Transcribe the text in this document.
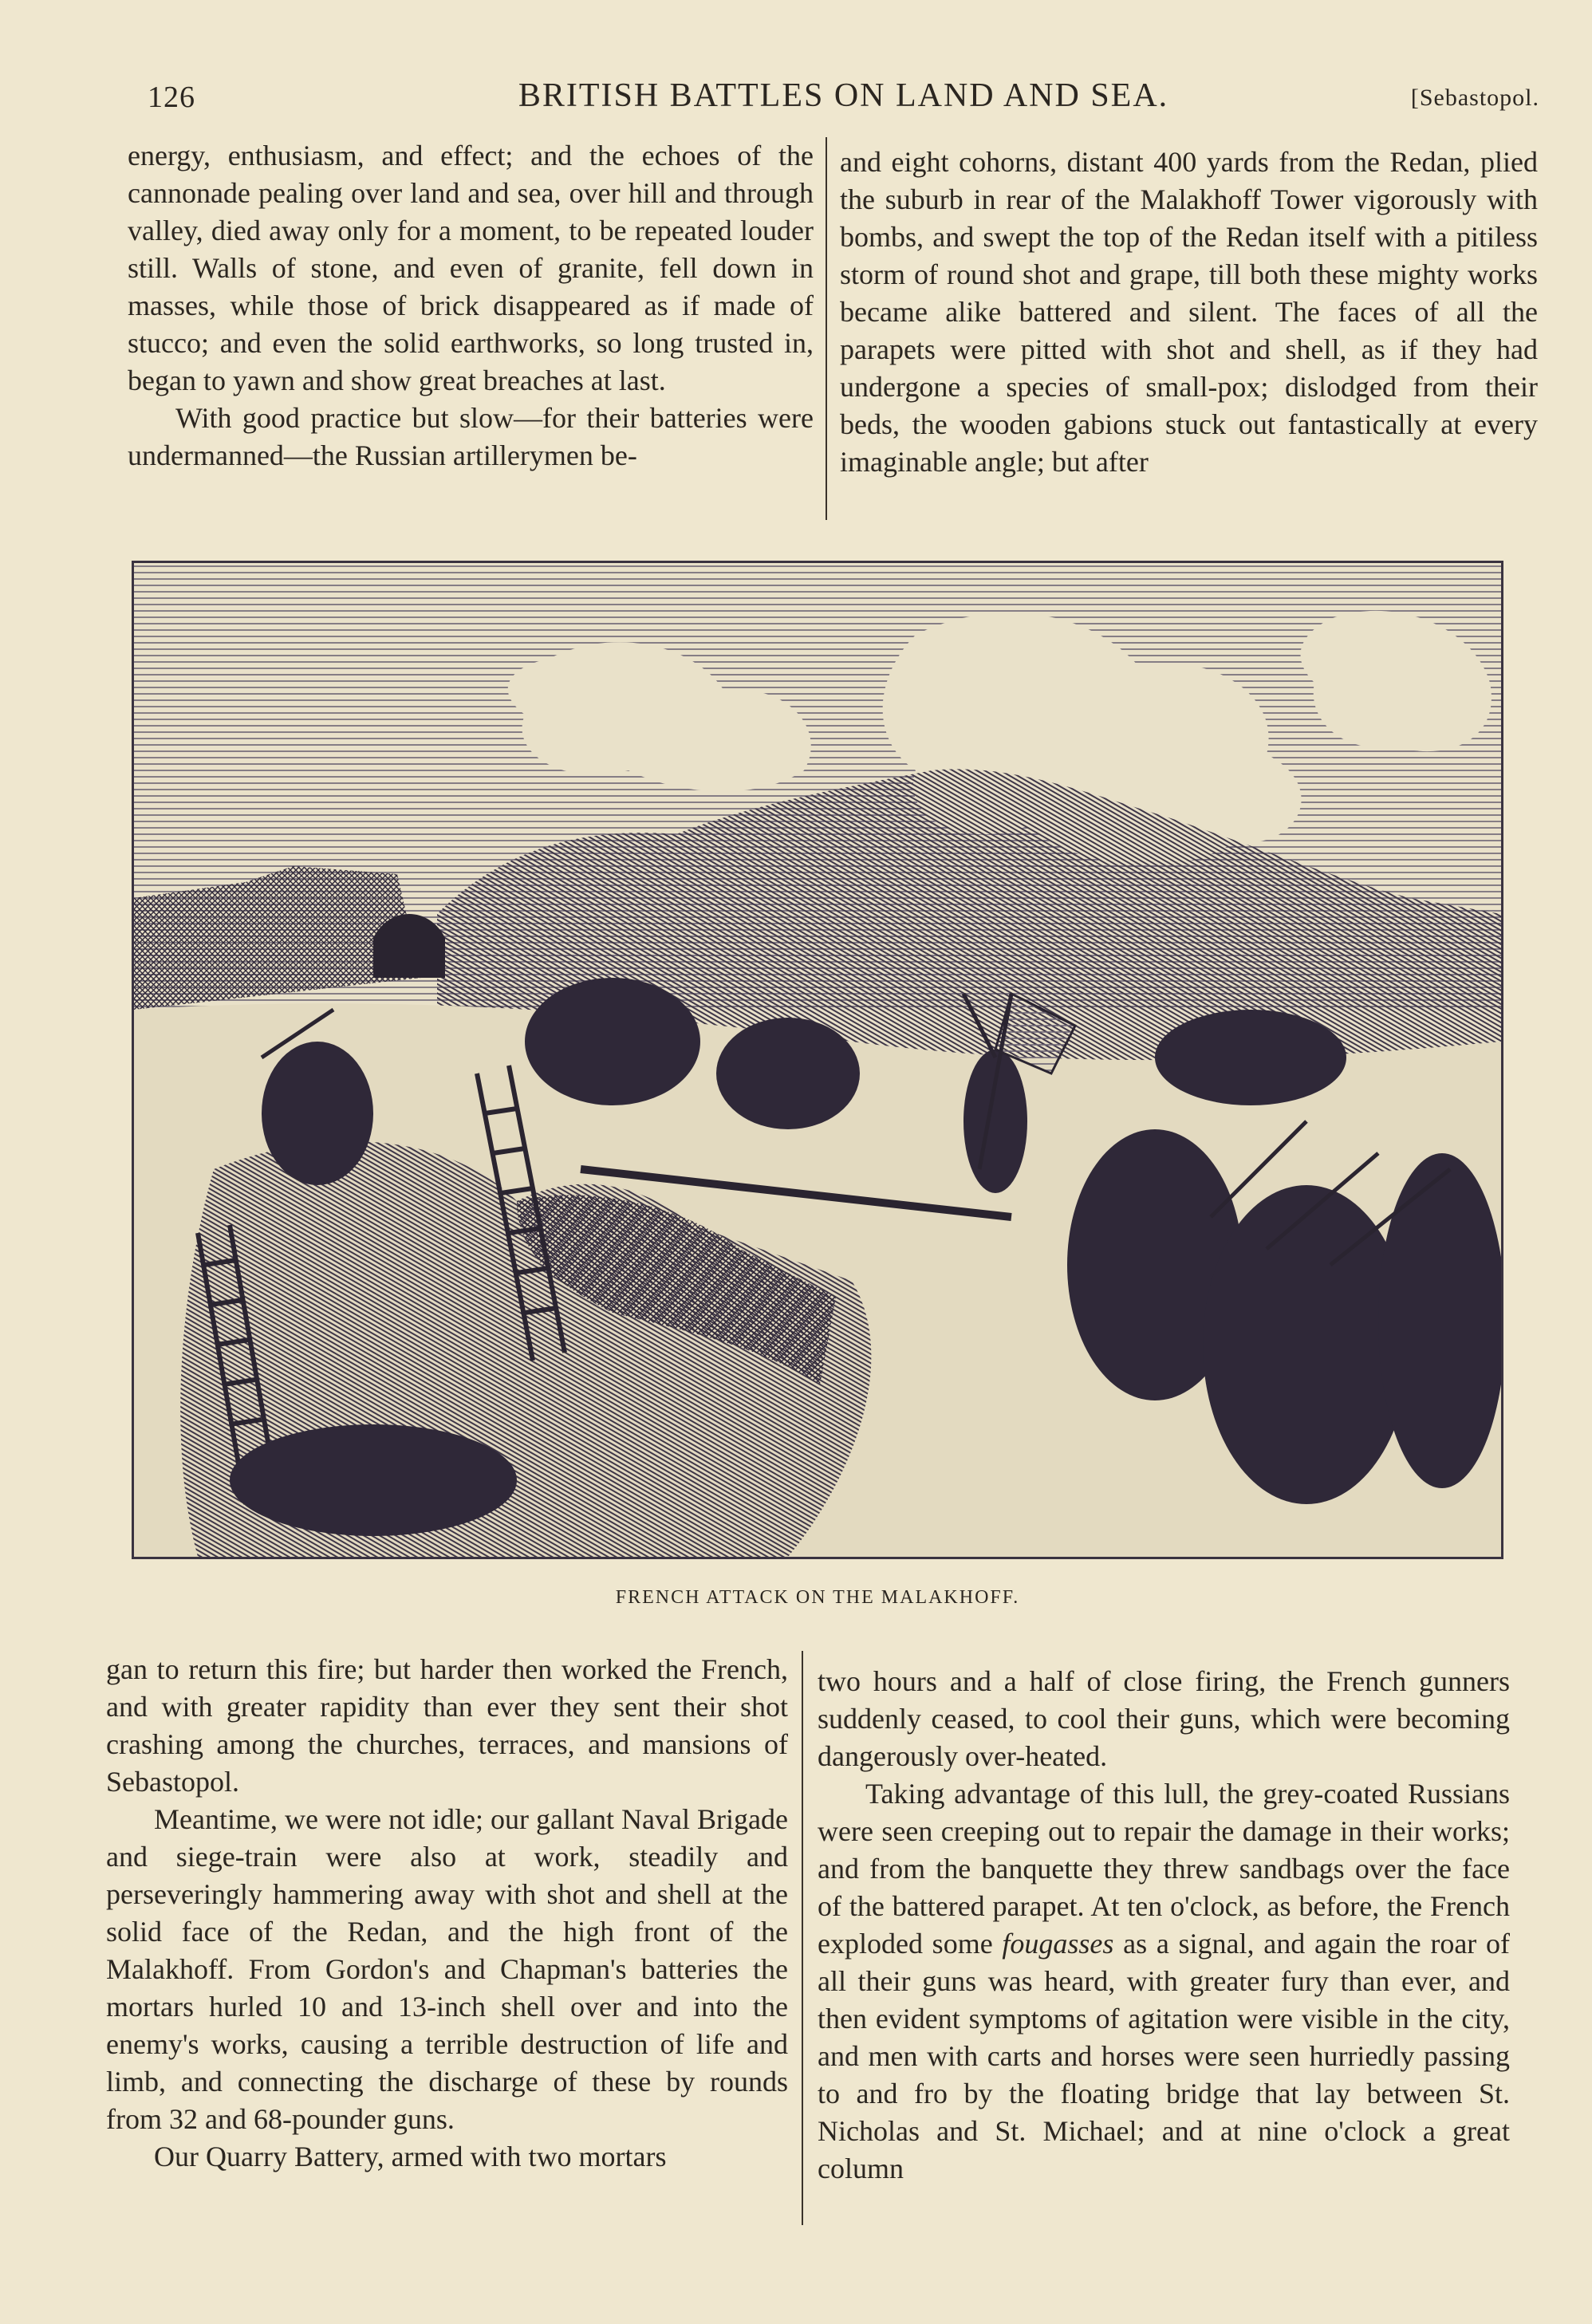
126	BRITISH BATTLES ON LAND AND SEA.	[Sebastopol.

energy, enthusiasm, and effect; and the echoes of the cannonade pealing over land and sea, over hill and through valley, died away only for a moment, to be repeated louder still. Walls of stone, and even of granite, fell down in masses, while those of brick disappeared as if made of stucco; and even the solid earthworks, so long trusted in, began to yawn and show great breaches at last.

With good practice but slow—for their batteries were undermanned—the Russian artillerymen be-

and eight cohorns, distant 400 yards from the Redan, plied the suburb in rear of the Malakhoff Tower vigorously with bombs, and swept the top of the Redan itself with a pitiless storm of round shot and grape, till both these mighty works became alike battered and silent. The faces of all the parapets were pitted with shot and shell, as if they had undergone a species of small-pox; dislodged from their beds, the wooden gabions stuck out fantastically at every imaginable angle; but after

FRENCH ATTACK ON THE MALAKHOFF.

gan to return this fire; but harder then worked the French, and with greater rapidity than ever they sent their shot crashing among the churches, terraces, and mansions of Sebastopol.

Meantime, we were not idle; our gallant Naval Brigade and siege-train were also at work, steadily and perseveringly hammering away with shot and shell at the solid face of the Redan, and the high front of the Malakhoff. From Gordon's and Chapman's batteries the mortars hurled 10 and 13-inch shell over and into the enemy's works, causing a terrible destruction of life and limb, and connecting the discharge of these by rounds from 32 and 68-pounder guns.

Our Quarry Battery, armed with two mortars

two hours and a half of close firing, the French gunners suddenly ceased, to cool their guns, which were becoming dangerously over-heated.

Taking advantage of this lull, the grey-coated Russians were seen creeping out to repair the damage in their works; and from the banquette they threw sandbags over the face of the battered parapet. At ten o'clock, as before, the French exploded some fougasses as a signal, and again the roar of all their guns was heard, with greater fury than ever, and then evident symptoms of agitation were visible in the city, and men with carts and horses were seen hurriedly passing to and fro by the floating bridge that lay between St. Nicholas and St. Michael; and at nine o'clock a great column
